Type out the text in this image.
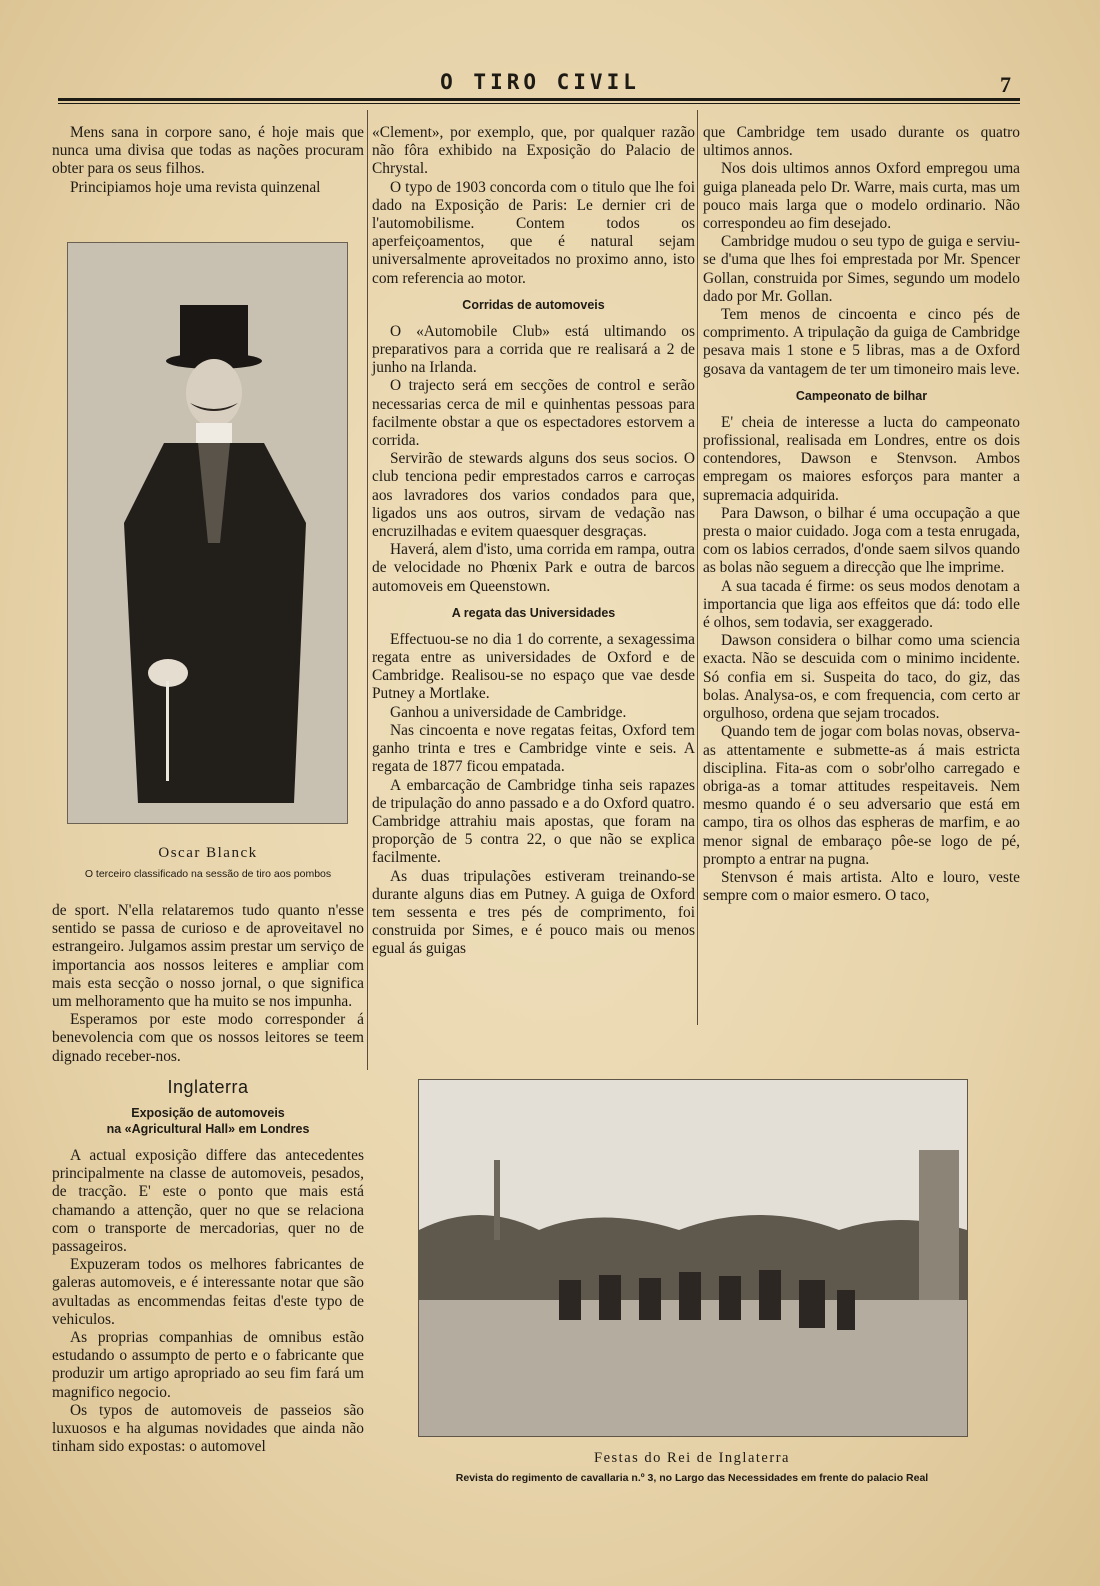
O TIRO CIVIL	7

Mens sana in corpore sano, é hoje mais que nunca uma divisa que todas as nações procuram obter para os seus filhos.

Principiamos hoje uma revista quinzenal

Oscar Blanck
O terceiro classificado na sessão de tiro aos pombos

de sport. N'ella relataremos tudo quanto n'esse sentido se passa de curioso e de aproveitavel no estrangeiro. Julgamos assim prestar um serviço de importancia aos nossos leiteres e ampliar com mais esta secção o nosso jornal, o que significa um melhoramento que ha muito se nos impunha.

Esperamos por este modo corresponder á benevolencia com que os nossos leitores se teem dignado receber-nos.

Inglaterra
Exposição de automoveis
na «Agricultural Hall» em Londres

A actual exposição differe das antecedentes principalmente na classe de automoveis, pesados, de tracção. E' este o ponto que mais está chamando a attenção, quer no que se relaciona com o transporte de mercadorias, quer no de passageiros.

Expuzeram todos os melhores fabricantes de galeras automoveis, e é interessante notar que são avultadas as encommendas feitas d'este typo de vehiculos.

As proprias companhias de omnibus estão estudando o assumpto de perto e o fabricante que produzir um artigo apropriado ao seu fim fará um magnifico negocio.

Os typos de automoveis de passeios são luxuosos e ha algumas novidades que ainda não tinham sido expostas: o automovel

«Clement», por exemplo, que, por qualquer razão não fôra exhibido na Exposição do Palacio de Chrystal.

O typo de 1903 concorda com o titulo que lhe foi dado na Exposição de Paris: Le dernier cri de l'automobilisme. Contem todos os aperfeiçoamentos, que é natural sejam universalmente aproveitados no proximo anno, isto com referencia ao motor.

Corridas de automoveis

O «Automobile Club» está ultimando os preparativos para a corrida que re realisará a 2 de junho na Irlanda.

O trajecto será em secções de control e serão necessarias cerca de mil e quinhentas pessoas para facilmente obstar a que os espectadores estorvem a corrida.

Servirão de stewards alguns dos seus socios. O club tenciona pedir emprestados carros e carroças aos lavradores dos varios condados para que, ligados uns aos outros, sirvam de vedação nas encruzilhadas e evitem quaesquer desgraças.

Haverá, alem d'isto, uma corrida em rampa, outra de velocidade no Phœnix Park e outra de barcos automoveis em Queenstown.

A regata das Universidades

Effectuou-se no dia 1 do corrente, a sexagessima regata entre as universidades de Oxford e de Cambridge. Realisou-se no espaço que vae desde Putney a Mortlake.

Ganhou a universidade de Cambridge.

Nas cincoenta e nove regatas feitas, Oxford tem ganho trinta e tres e Cambridge vinte e seis. A regata de 1877 ficou empatada.

A embarcação de Cambridge tinha seis rapazes de tripulação do anno passado e a do Oxford quatro. Cambridge attrahiu mais apostas, que foram na proporção de 5 contra 22, o que não se explica facilmente.

As duas tripulações estiveram treinando-se durante alguns dias em Putney. A guiga de Oxford tem sessenta e tres pés de comprimento, foi construida por Simes, e é pouco mais ou menos egual ás guigas

que Cambridge tem usado durante os quatro ultimos annos.

Nos dois ultimos annos Oxford empregou uma guiga planeada pelo Dr. Warre, mais curta, mas um pouco mais larga que o modelo ordinario. Não correspondeu ao fim desejado.

Cambridge mudou o seu typo de guiga e serviu-se d'uma que lhes foi emprestada por Mr. Spencer Gollan, construida por Simes, segundo um modelo dado por Mr. Gollan.

Tem menos de cincoenta e cinco pés de comprimento. A tripulação da guiga de Cambridge pesava mais 1 stone e 5 libras, mas a de Oxford gosava da vantagem de ter um timoneiro mais leve.

Campeonato de bilhar

E' cheia de interesse a lucta do campeonato profissional, realisada em Londres, entre os dois contendores, Dawson e Stenvson. Ambos empregam os maiores esforços para manter a supremacia adquirida.

Para Dawson, o bilhar é uma occupação a que presta o maior cuidado. Joga com a testa enrugada, com os labios cerrados, d'onde saem silvos quando as bolas não seguem a direcção que lhe imprime.

A sua tacada é firme: os seus modos denotam a importancia que liga aos effeitos que dá: todo elle é olhos, sem todavia, ser exaggerado.

Dawson considera o bilhar como uma sciencia exacta. Não se descuida com o minimo incidente. Só confia em si. Suspeita do taco, do giz, das bolas. Analysa-os, e com frequencia, com certo ar orgulhoso, ordena que sejam trocados.

Quando tem de jogar com bolas novas, observa-as attentamente e submette-as á mais estricta disciplina. Fita-as com o sobr'olho carregado e obriga-as a tomar attitudes respeitaveis. Nem mesmo quando é o seu adversario que está em campo, tira os olhos das espheras de marfim, e ao menor signal de embaraço pôe-se logo de pé, prompto a entrar na pugna.

Stenvson é mais artista. Alto e louro, veste sempre com o maior esmero. O taco,

Festas do Rei de Inglaterra
Revista do regimento de cavallaria n.º 3, no Largo das Necessidades em frente do palacio Real
